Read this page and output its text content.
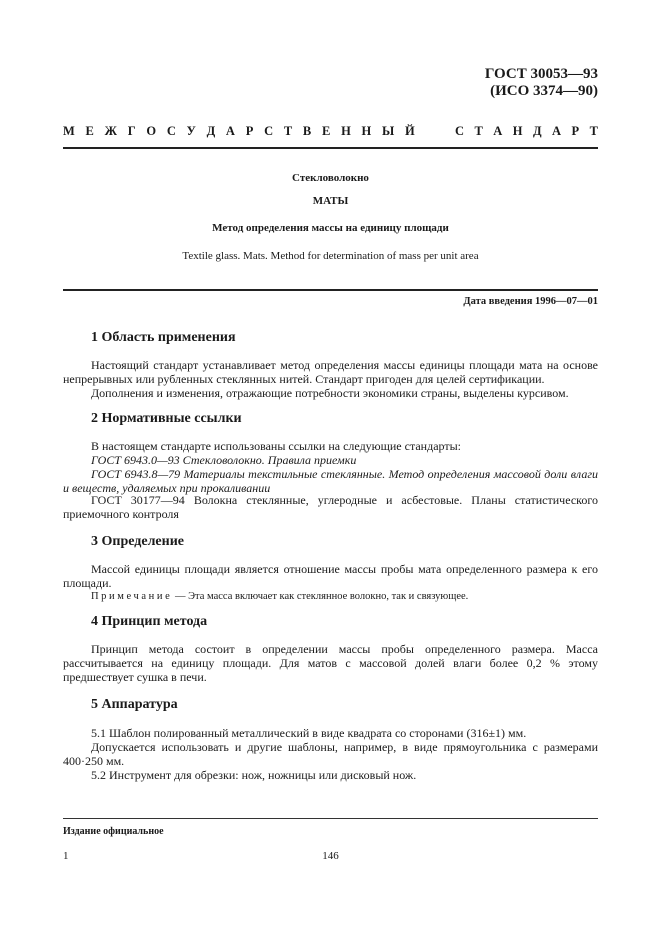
ГОСТ 30053—93
(ИСО 3374—90)
М Е Ж Г О С У Д А Р С Т В Е Н Н Ы Й	С Т А Н Д А Р Т
Стекловолокно
МАТЫ
Метод определения массы на единицу площади
Textile glass. Mats. Method for determination of mass per unit area
Дата введения 1996—07—01
1 Область применения
Настоящий стандарт устанавливает метод определения массы единицы площади мата на основе непрерывных или рубленных стеклянных нитей. Стандарт пригоден для целей сертификации.
Дополнения и изменения, отражающие потребности экономики страны, выделены курсивом.
2 Нормативные ссылки
В настоящем стандарте использованы ссылки на следующие стандарты:
ГОСТ 6943.0—93 Стекловолокно. Правила приемки
ГОСТ 6943.8—79 Материалы текстильные стеклянные. Метод определения массовой доли влаги и веществ, удаляемых при прокаливании
ГОСТ 30177—94 Волокна стеклянные, углеродные и асбестовые. Планы статистического приемочного контроля
3 Определение
Массой единицы площади является отношение массы пробы мата определенного размера к его площади.
Примечание — Эта масса включает как стеклянное волокно, так и связующее.
4 Принцип метода
Принцип метода состоит в определении массы пробы определенного размера. Масса рассчитывается на единицу площади. Для матов с массовой долей влаги более 0,2 % этому предшествует сушка в печи.
5 Аппаратура
5.1 Шаблон полированный металлический в виде квадрата со сторонами (316±1) мм.
Допускается использовать и другие шаблоны, например, в виде прямоугольника с размерами 400·250 мм.
5.2 Инструмент для обрезки: нож, ножницы или дисковый нож.
Издание официальное
1	146
